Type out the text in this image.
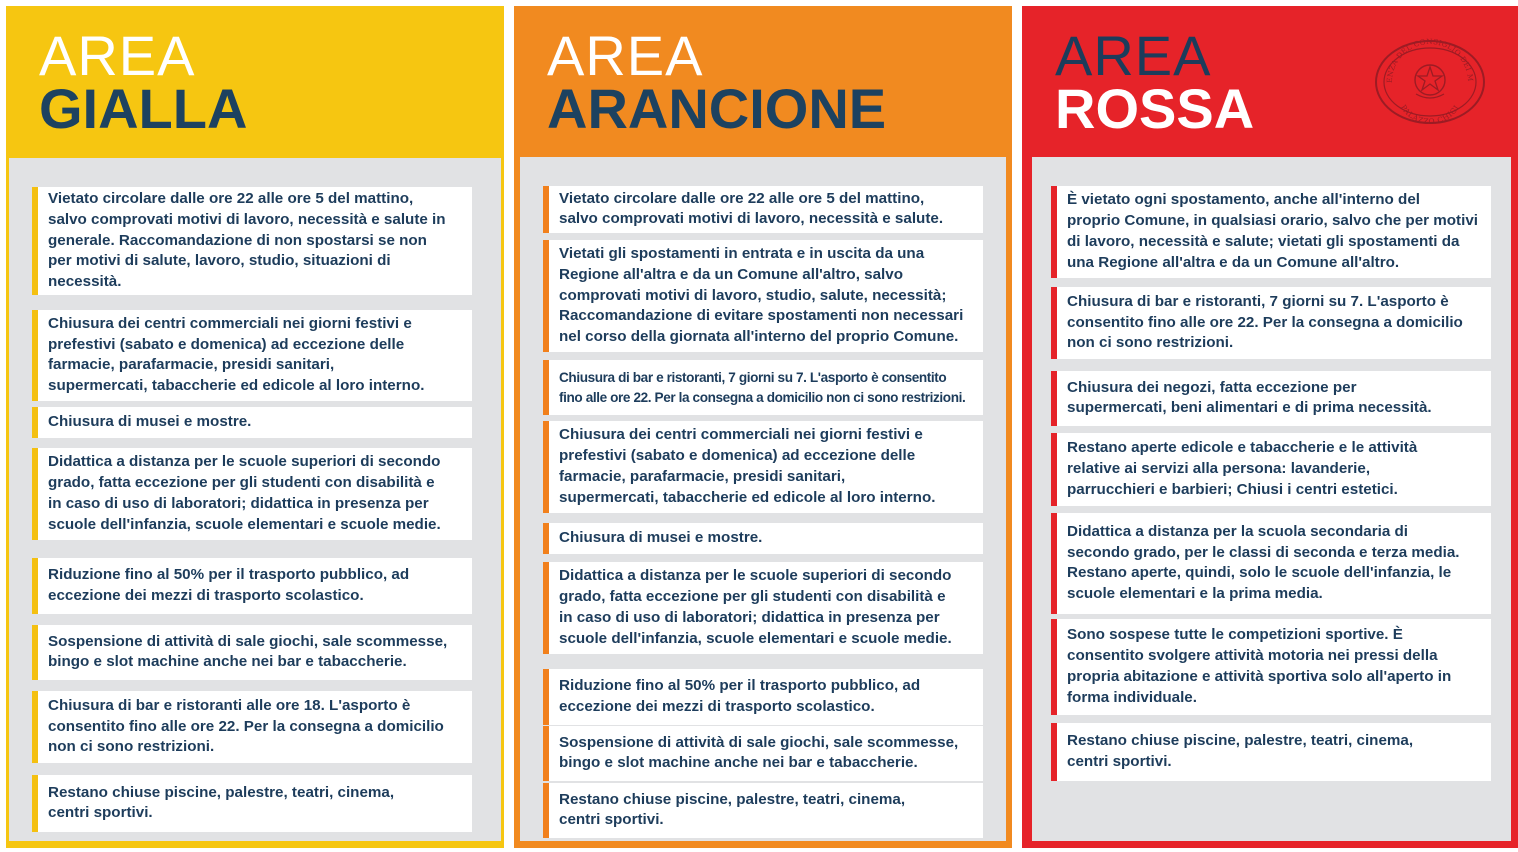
AREA
GIALLA
Vietato circolare dalle ore 22 alle ore 5 del mattino,
salvo comprovati motivi di lavoro, necessità e salute in
generale. Raccomandazione di non spostarsi se non
per motivi di salute, lavoro, studio, situazioni di
necessità.
Chiusura dei centri commerciali nei giorni festivi e
prefestivi (sabato e domenica) ad eccezione delle
farmacie, parafarmacie, presidi sanitari,
supermercati, tabaccherie ed edicole al loro interno.
Chiusura di musei e mostre.
Didattica a distanza per le scuole superiori di secondo
grado, fatta eccezione per gli studenti con disabilità e
in caso di uso di laboratori; didattica in presenza per
scuole dell'infanzia, scuole elementari e scuole medie.
Riduzione fino al 50% per il trasporto pubblico, ad
eccezione dei mezzi di trasporto scolastico.
Sospensione di attività di sale giochi, sale scommesse,
bingo e slot machine anche nei bar e tabaccherie.
Chiusura di bar e ristoranti alle ore 18. L'asporto è
consentito fino alle ore 22. Per la consegna a domicilio
non ci sono restrizioni.
Restano chiuse piscine, palestre, teatri, cinema,
centri sportivi.
AREA
ARANCIONE
Vietato circolare dalle ore 22 alle ore 5 del mattino,
salvo comprovati motivi di lavoro, necessità e salute.
Vietati gli spostamenti in entrata e in uscita da una
Regione all'altra e da un Comune all'altro, salvo
comprovati motivi di lavoro, studio, salute, necessità;
Raccomandazione di evitare spostamenti non necessari
nel corso della giornata all'interno del proprio Comune.
Chiusura di bar e ristoranti, 7 giorni su 7. L'asporto è consentito
fino alle ore 22. Per la consegna a domicilio non ci sono restrizioni.
Chiusura dei centri commerciali nei giorni festivi e
prefestivi (sabato e domenica) ad eccezione delle
farmacie, parafarmacie, presidi sanitari,
supermercati, tabaccherie ed edicole al loro interno.
Chiusura di musei e mostre.
Didattica a distanza per le scuole superiori di secondo
grado, fatta eccezione per gli studenti con disabilità e
in caso di uso di laboratori; didattica in presenza per
scuole dell'infanzia, scuole elementari e scuole medie.
Riduzione fino al 50% per il trasporto pubblico, ad
eccezione dei mezzi di trasporto scolastico.
Sospensione di attività di sale giochi, sale scommesse,
bingo e slot machine anche nei bar e tabaccherie.
Restano chiuse piscine, palestre, teatri, cinema,
centri sportivi.
AREA
ROSSA	ENZA DEL CONSIGLIO DEI M
PALAZZO CHIGI
È vietato ogni spostamento, anche all'interno del
proprio Comune, in qualsiasi orario, salvo che per motivi
di lavoro, necessità e salute; vietati gli spostamenti da
una Regione all'altra e da un Comune all'altro.
Chiusura di bar e ristoranti, 7 giorni su 7. L'asporto è
consentito fino alle ore 22. Per la consegna a domicilio
non ci sono restrizioni.
Chiusura dei negozi, fatta eccezione per
supermercati, beni alimentari e di prima necessità.
Restano aperte edicole e tabaccherie e le attività
relative ai servizi alla persona: lavanderie,
parrucchieri e barbieri; Chiusi i centri estetici.
Didattica a distanza per la scuola secondaria di
secondo grado, per le classi di seconda e terza media.
Restano aperte, quindi, solo le scuole dell'infanzia, le
scuole elementari e la prima media.
Sono sospese tutte le competizioni sportive. È
consentito svolgere attività motoria nei pressi della
propria abitazione e attività sportiva solo all'aperto in
forma individuale.
Restano chiuse piscine, palestre, teatri, cinema,
centri sportivi.
